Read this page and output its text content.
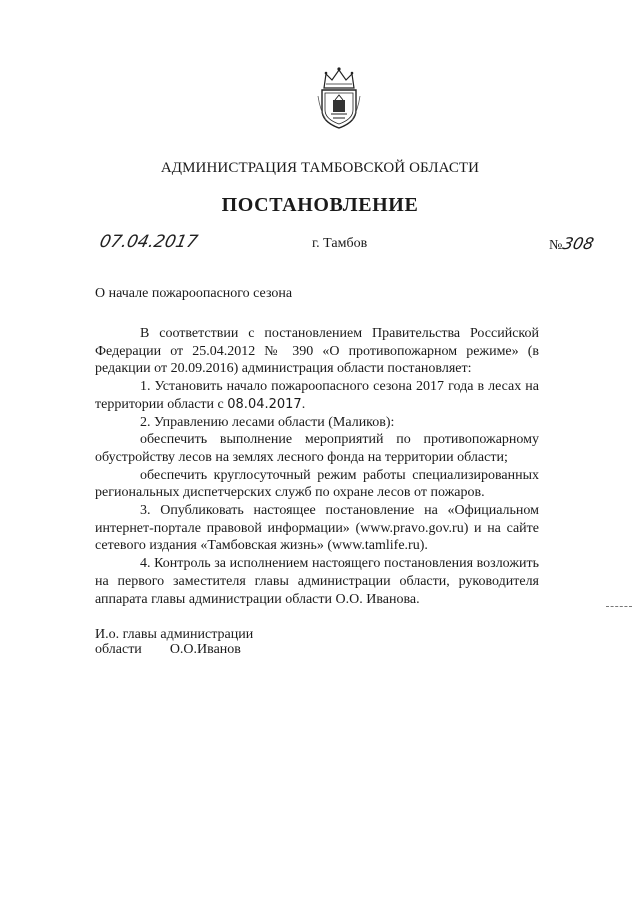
АДМИНИСТРАЦИЯ ТАМБОВСКОЙ ОБЛАСТИ
ПОСТАНОВЛЕНИЕ
07.04.2017	г. Тамбов	№308
О начале пожароопасного сезона

В соответствии с постановлением Правительства Российской Федерации от 25.04.2012 № 390 «О противопожарном режиме» (в редакции от 20.09.2016) администрация области постановляет:

1. Установить начало пожароопасного сезона 2017 года в лесах на территории области с 08.04.2017.

2. Управлению лесами области (Маликов):

обеспечить выполнение мероприятий по противопожарному обустройству лесов на землях лесного фонда на территории области;

обеспечить круглосуточный режим работы специализированных региональных диспетчерских служб по охране лесов от пожаров.

3. Опубликовать настоящее постановление на «Официальном интернет-портале правовой информации» (www.pravo.gov.ru) и на сайте сетевого издания «Тамбовская жизнь» (www.tamlife.ru).

4. Контроль за исполнением настоящего постановления возложить на первого заместителя главы администрации области, руководителя аппарата главы администрации области О.О. Иванова.

И.о. главы администрации
области О.О.Иванов
